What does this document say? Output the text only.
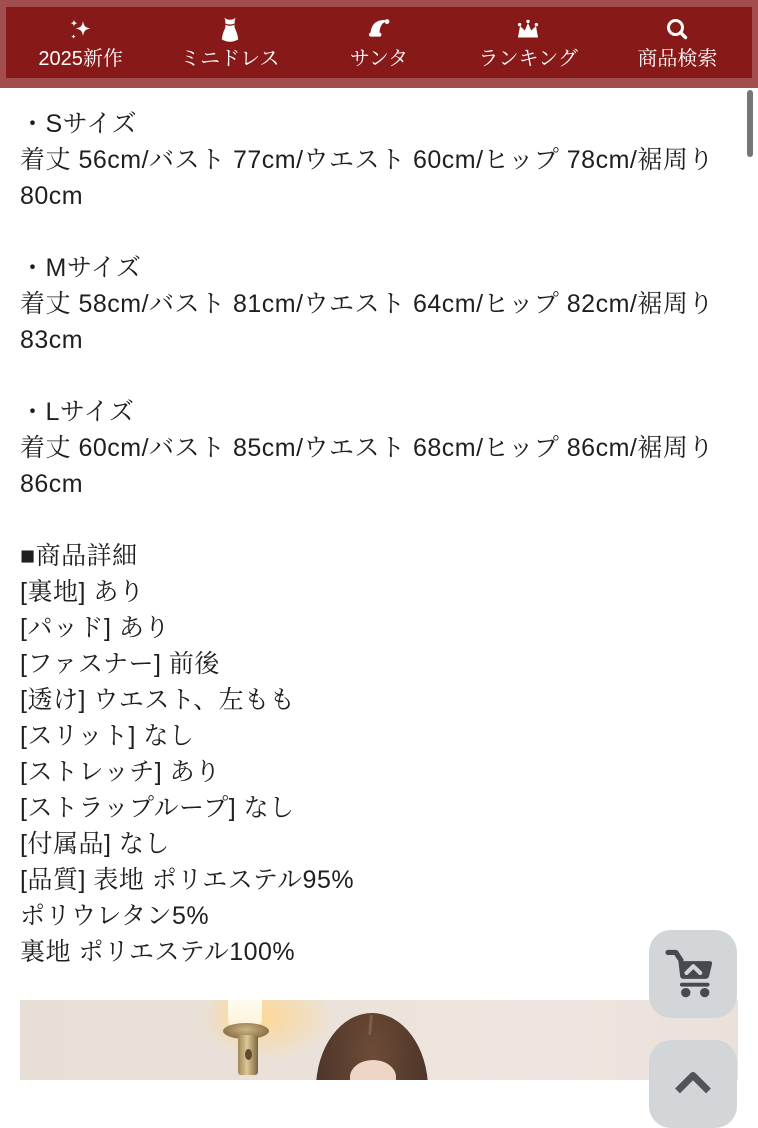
2025新作	ミニドレス	サンタ	ランキング	商品検索

・Sサイズ

着丈 56cm/バスト 77cm/ウエスト 60cm/ヒップ 78cm/裾周り 80cm

・Mサイズ

着丈 58cm/バスト 81cm/ウエスト 64cm/ヒップ 82cm/裾周り 83cm

・Lサイズ

着丈 60cm/バスト 85cm/ウエスト 68cm/ヒップ 86cm/裾周り 86cm

■商品詳細

[裏地] あり

[パッド] あり

[ファスナー] 前後

[透け] ウエスト、左もも

[スリット] なし

[ストレッチ] あり

[ストラップループ] なし

[付属品] なし

[品質] 表地 ポリエステル95%

ポリウレタン5%

裏地 ポリエステル100%
